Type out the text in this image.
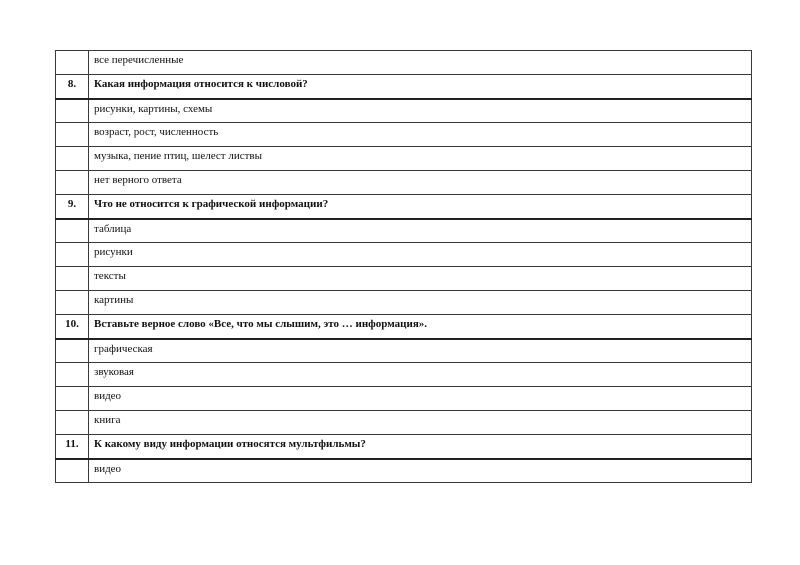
	все перечисленные
8.	Какая информация относится к числовой?
	рисунки, картины, схемы
	возраст, рост, численность
	музыка, пение птиц, шелест листвы
	нет верного ответа
9.	Что не относится к графической информации?
	таблица
	рисунки
	тексты
	картины
10.	Вставьте верное слово «Все, что мы слышим, это … информация».
	графическая
	звуковая
	видео
	книга
11.	К какому виду информации относятся мультфильмы?
	видео
